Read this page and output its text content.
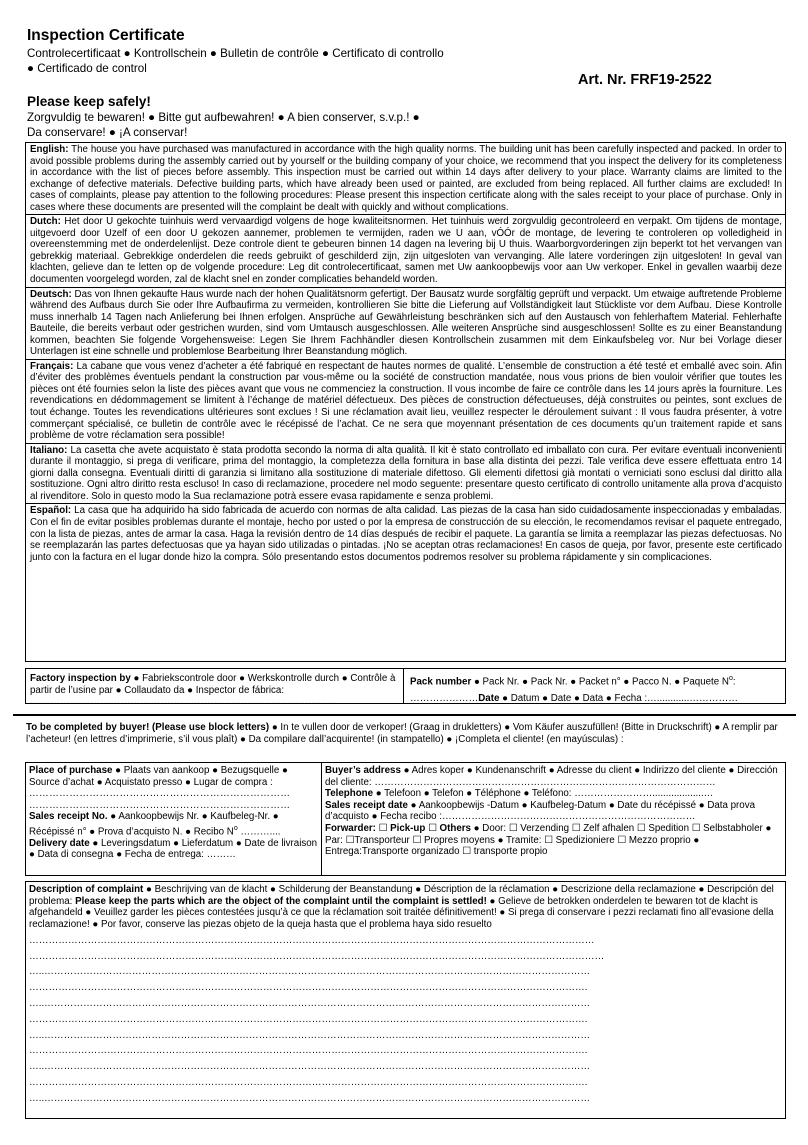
Inspection Certificate
Controlecertificaat ● Kontrollschein ● Bulletin de contrôle ● Certificato di controllo ● Certificado de control
Please keep safely!
Zorgvuldig te bewaren! ● Bitte gut aufbewahren! ● A bien conserver, s.v.p.! ● Da conservare! ● ¡A conservar!
Art. Nr. FRF19-2522
English: The house you have purchased was manufactured in accordance with the high quality norms. The building unit has been carefully inspected and packed. In order to avoid possible problems during the assembly carried out by yourself or the building company of your choice, we recommend that you inspect the delivery for its completeness in accordance with the list of pieces before assembly. This inspection must be carried out within 14 days after delivery to your place. Warranty claims are limited to the exchange of defective materials. Defective building parts, which have already been used or painted, are excluded from being replaced. All further claims are excluded! In cases of complaints, please pay attention to the following procedures: Please present this inspection certificate along with the sales receipt to your place of purchase. Only in cases where these documents are presented will the complaint be dealt with quickly and without complications.
Dutch: Het door U gekochte tuinhuis werd vervaardigd volgens de hoge kwaliteitsnormen. Het tuinhuis werd zorgvuldig gecontroleerd en verpakt. Om tijdens de montage, uitgevoerd door Uzelf of een door U gekozen aannemer, problemen te vermijden, raden we U aan, vÓÓr de montage, de levering te controleren op volledigheid in overeenstemming met de onderdelenlijst. Deze controle dient te gebeuren binnen 14 dagen na levering bij U thuis. Waarborgvorderingen zijn beperkt tot het vervangen van gebrekkig materiaal. Gebrekkige onderdelen die reeds gebruikt of geschilderd zijn, zijn uitgesloten van vervanging. Alle latere vorderingen zijn uitgesloten! In geval van klachten, gelieve dan te letten op de volgende procedure: Leg dit controlecertificaat, samen met Uw aankoopbewijs voor aan Uw verkoper. Enkel in gevallen waarbij deze documenten voorgelegd worden, zal de klacht snel en zonder complicaties behandeld worden.
Deutsch: Das von Ihnen gekaufte Haus wurde nach der hohen Qualitätsnorm gefertigt. Der Bausatz wurde sorgfältig geprüft und verpackt. Um etwaige auftretende Probleme während des Aufbaus durch Sie oder Ihre Aufbaufirma zu vermeiden, kontrollieren Sie bitte die Lieferung auf Vollständigkeit laut Stückliste vor dem Aufbau. Diese Kontrolle muss innerhalb 14 Tagen nach Anlieferung bei Ihnen erfolgen. Ansprüche auf Gewährleistung beschränken sich auf den Austausch von fehlerhaftem Material. Fehlerhafte Bauteile, die bereits verbaut oder gestrichen wurden, sind vom Umtausch ausgeschlossen. Alle weiteren Ansprüche sind ausgeschlossen! Sollte es zu einer Beanstandung kommen, beachten Sie folgende Vorgehensweise: Legen Sie Ihrem Fachhändler diesen Kontrollschein zusammen mit dem Einkaufsbeleg vor. Nur bei Vorlage dieser Unterlagen ist eine schnelle und problemlose Bearbeitung Ihrer Beanstandung möglich.
Français: La cabane que vous venez d’acheter a été fabriqué en respectant de hautes normes de qualité. L’ensemble de construction a été testé et emballé avec soin. Afin d’éviter des problèmes éventuels pendant la construction par vous-même ou la société de construction mandatée, nous vous prions de bien vouloir vérifier que toutes les pièces ont été fournies selon la liste des pièces avant que vous ne commenciez la construction. Il vous incombe de faire ce contrôle dans les 14 jours après la fourniture. Les revendications en dédommagement se limitent à l’échange de matériel défectueux. Des pièces de construction défectueuses, déjà construites ou peintes, sont exclues de tout échange. Toutes les revendications ultérieures sont exclues ! Si une réclamation avait lieu, veuillez respecter le déroulement suivant : Il vous faudra présenter, à votre commerçant spécialisé, ce bulletin de contrôle avec le récépissé de l’achat. Ce ne sera que moyennant présentation de ces documents qu’un traitement rapide et sans problème de votre réclamation sera possible!
Italiano: La casetta che avete acquistato è stata prodotta secondo la norma di alta qualità. Il kit è stato controllato ed imballato con cura. Per evitare eventuali inconvenienti durante il montaggio, si prega di verificare, prima del montaggio, la completezza della fornitura in base alla distinta dei pezzi. Tale verifica deve essere effettuata entro 14 giorni dalla consegna. Eventuali diritti di garanzia si limitano alla sostituzione di materiale difettoso. Gli elementi difettosi già montati o verniciati sono esclusi dal diritto alla sostituzione. Ogni altro diritto resta escluso! In caso di reclamazione, procedere nel modo seguente: presentare questo certificato di controllo unitamente alla prova d’acquisto al rivenditore. Solo in questo modo la Sua reclamazione potrà essere evasa rapidamente e senza problemi.
Español: La casa que ha adquirido ha sido fabricada de acuerdo con normas de alta calidad. Las piezas de la casa han sido cuidadosamente inspeccionadas y embaladas. Con el fin de evitar posibles problemas durante el montaje, hecho por usted o por la empresa de construcción de su elección, le recomendamos revisar el paquete entregado, con la lista de piezas, antes de armar la casa. Haga la revisión dentro de 14 días después de recibir el paquete. La garantía se limita a reemplazar las piezas defectuosas. No se reemplazarán las partes defectuosas que ya hayan sido utilizadas o pintadas. ¡No se aceptan otras reclamaciones! En casos de queja, por favor, presente este certificado junto con la factura en el lugar donde hizo la compra. Sólo presentando estos documentos podremos resolver su problema rápidamente y sin complicaciones.
Factory inspection by ● Fabriekscontrole door ● Werkskontrolle durch ● Contrôle à partir de l’usine par ● Collaudato da ● Inspector de fábrica:
…………………………………………………………………………….....
Pack number ● Pack Nr. ● Pack Nr. ● Packet n° ● Pacco N. ● Paquete $N^o$:
…………………Date ● Datum ● Date ● Data ● Fecha :…............……………
To be completed by buyer! (Please use block letters) ● In te vullen door de verkoper! (Graag in drukletters) ● Vom Käufer auszufüllen! (Bitte in Druckschrift) ● A remplir par l’acheteur! (en lettres d’imprimerie, s’il vous plaît) ● Da compilare dall’acquirente! (in stampatello) ● ¡Completa el cliente! (en mayúsculas) :
Place of purchase ● Plaats van aankoop ● Bezugsquelle ● Source d’achat ● Acquistato presso ● Lugar de compra :
……………………………………………………………………
……………………………………………………………………
Sales receipt No. ● Aankoopbewijs Nr. ● Kaufbeleg-Nr. ● Récépissé n° ● Prova d’acquisto N. ● Recibo $N^o$ ………....
Delivery date ● Leveringsdatum ● Lieferdatum ● Date de livraison ● Data di consegna ● Fecha de entrega: ………
Buyer’s address ● Adres koper ● Kundenanschrift ● Adresse du client ● Indirizzo del cliente ● Dirección del cliente: ……………………………………………………………………………………………
Telephone ● Telefoon ● Telefon ● Téléphone ● Teléfono: ……………………...................…
Sales receipt date ● Aankoopbewijs -Datum ● Kaufbeleg-Datum ● Date du récépissé ● Data prova d’acquisto ● Fecha recibo :……………………………………………………………………
Forwarder: ☐ Pick-up ☐ Others ● Door: ☐ Verzending ☐ Zelf afhalen ☐ Spedition ☐ Selbstabholer ● Par: ☐Transporteur ☐ Propres moyens ● Tramite: ☐ Spedizioniere ☐ Mezzo proprio ● Entrega:Transporte organizado ☐ transporte propio
Description of complaint ● Beschrijving van de klacht ● Schilderung der Beanstandung ● Déscription de la réclamation ● Descrizione della reclamazione ● Descripción del problema: Please keep the parts which are the object of the complaint until the complaint is settled! ● Gelieve de betrokken onderdelen te bewaren tot de klacht is afgehandeld ● Veuillez garder les pièces contestées jusqu’à ce que la réclamation soit traitée définitivement! ● Si prega di conservare i pezzi reclamati fino all’evasione della reclamazione! ● Por favor, conserve las piezas objeto de la queja hasta que el problema haya sido resuelto
…………………………………………………………………………………………………………………………………………………………
……………………………………………………………………………………………………………………………………………………………
…..……………………………………………………………………………………………………………………………………………………
……………………………………………………………………………………………………………………………………………………….
…..……………………………………………………………………………………………………………………………………………………
……………………………………………………………………………………………………………………………………………………….
…..……………………………………………………………………………………………………………………………………………………
……………………………………………………………………………………………………………………………………………………….
…..……………………………………………………………………………………………………………………………………………………
……………………………………………………………………………………………………………………………………………………….
…..……………………………………………………………………………………………………………………………………………………
